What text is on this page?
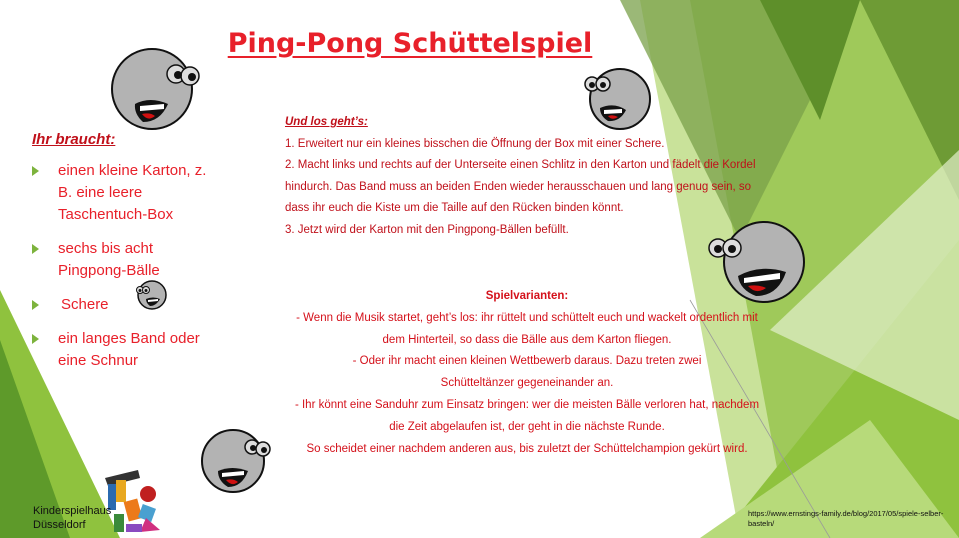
Ping-Pong Schüttelspiel
Ihr braucht:
einen kleine Karton, z. B. eine leere Taschentuch-Box
sechs bis acht Pingpong-Bälle
Schere
ein langes Band oder eine Schnur
Und los geht’s:
1. Erweitert nur ein kleines bisschen die Öffnung der Box mit einer Schere.
2. Macht links und rechts auf der Unterseite einen Schlitz in den Karton und fädelt die Kordel hindurch. Das Band muss an beiden Enden wieder herausschauen und lang genug sein, so dass ihr euch die Kiste um die Taille auf den Rücken binden könnt.
3. Jetzt wird der Karton mit den Pingpong-Bällen befüllt.
Spielvarianten:
- Wenn die Musik startet, geht’s los: ihr rüttelt und schüttelt euch und wackelt ordentlich mit dem Hinterteil, so dass die Bälle aus dem Karton fliegen.
- Oder ihr macht einen kleinen Wettbewerb daraus. Dazu treten zwei Schütteltänzer gegeneinander an.
- Ihr könnt eine Sanduhr zum Einsatz bringen: wer die meisten Bälle verloren hat, nachdem die Zeit abgelaufen ist, der geht in die nächste Runde.
So scheidet einer nachdem anderen aus, bis zuletzt der Schüttelchampion gekürt wird.
Kinderspielhaus
Düsseldorf
https://www.ernstings-family.de/blog/2017/05/spiele-selber-basteln/
